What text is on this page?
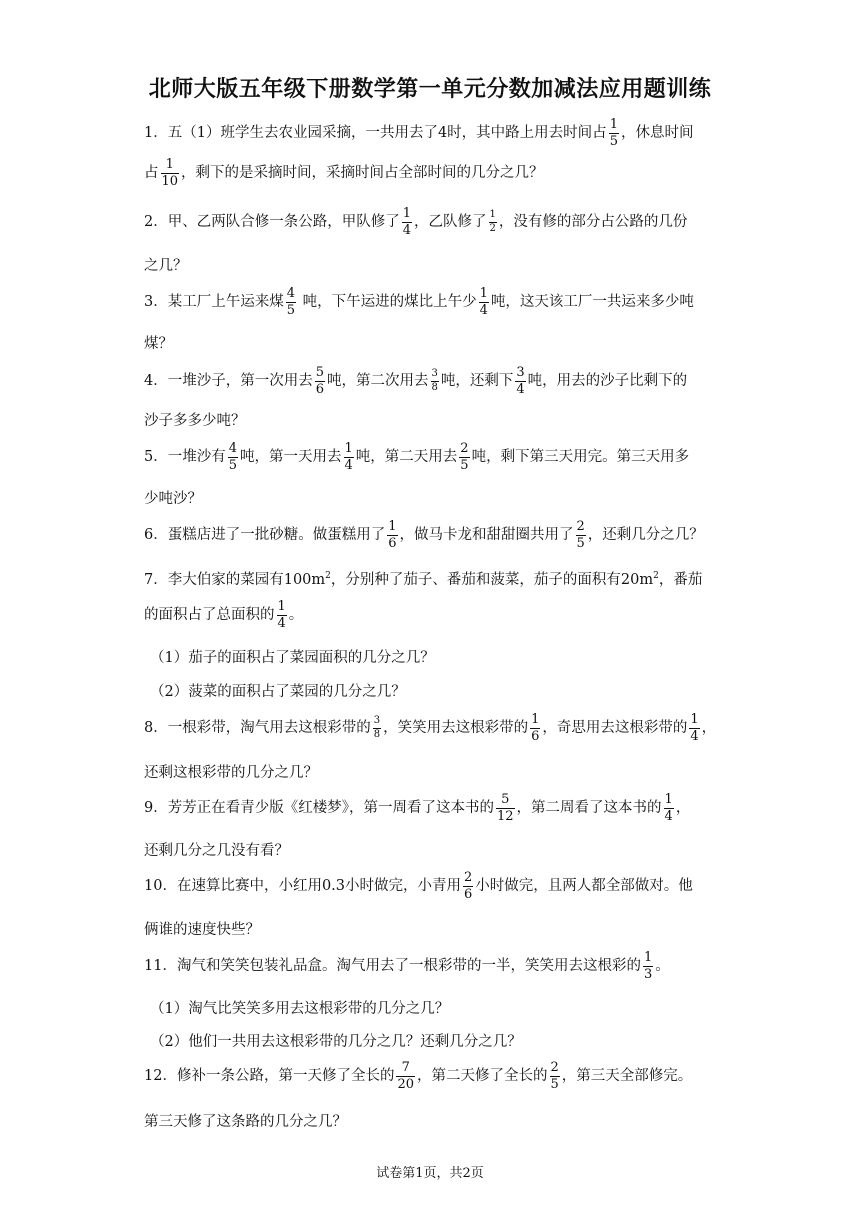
北师大版五年级下册数学第一单元分数加减法应用题训练
1．五（1）班学生去农业园采摘，一共用去了4时，其中路上用去时间占 $\frac{1}{5}$ ，休息时间
占 $\frac{1}{10}$ ，剩下的是采摘时间，采摘时间占全部时间的几分之几？
2．甲、乙两队合修一条公路，甲队修了 $\frac{1}{4}$ ，乙队修了 $\frac{1}{2}$ ，没有修的部分占公路的几份
之几？
3．某工厂上午运来煤 $\frac{4}{5}$ 吨，下午运进的煤比上午少 $\frac{1}{4}$ 吨，这天该工厂一共运来多少吨
煤？
4．一堆沙子，第一次用去 $\frac{5}{6}$ 吨，第二次用去 $\frac{3}{8}$ 吨，还剩下 $\frac{3}{4}$ 吨，用去的沙子比剩下的
沙子多多少吨？
5．一堆沙有 $\frac{4}{5}$ 吨，第一天用去 $\frac{1}{4}$ 吨，第二天用去 $\frac{2}{5}$ 吨，剩下第三天用完。第三天用多
少吨沙？
6．蛋糕店进了一批砂糖。做蛋糕用了 $\frac{1}{6}$ ，做马卡龙和甜甜圈共用了 $\frac{2}{5}$ ，还剩几分之几？
7．李大伯家的菜园有$100m^2$，分别种了茄子、番茄和菠菜，茄子的面积有$20m^2$，番茄
的面积占了总面积的 $\frac{1}{4}$ 。
（1）茄子的面积占了菜园面积的几分之几？
（2）菠菜的面积占了菜园的几分之几？
8．一根彩带，淘气用去这根彩带的 $\frac{3}{8}$ ，笑笑用去这根彩带的 $\frac{1}{6}$ ，奇思用去这根彩带的 $\frac{1}{4}$ ，
还剩这根彩带的几分之几？
9．芳芳正在看青少版《红楼梦》，第一周看了这本书的 $\frac{5}{12}$ ，第二周看了这本书的 $\frac{1}{4}$ ，
还剩几分之几没有看？
10．在速算比赛中，小红用0.3小时做完，小青用 $\frac{2}{6}$ 小时做完，且两人都全部做对。他
俩谁的速度快些？
11．淘气和笑笑包装礼品盒。淘气用去了一根彩带的一半，笑笑用去这根彩的 $\frac{1}{3}$ 。
（1）淘气比笑笑多用去这根彩带的几分之几？
（2）他们一共用去这根彩带的几分之几？还剩几分之几？
12．修补一条公路，第一天修了全长的 $\frac{7}{20}$ ，第二天修了全长的 $\frac{2}{5}$ ，第三天全部修完。
第三天修了这条路的几分之几？
试卷第1页，共2页
